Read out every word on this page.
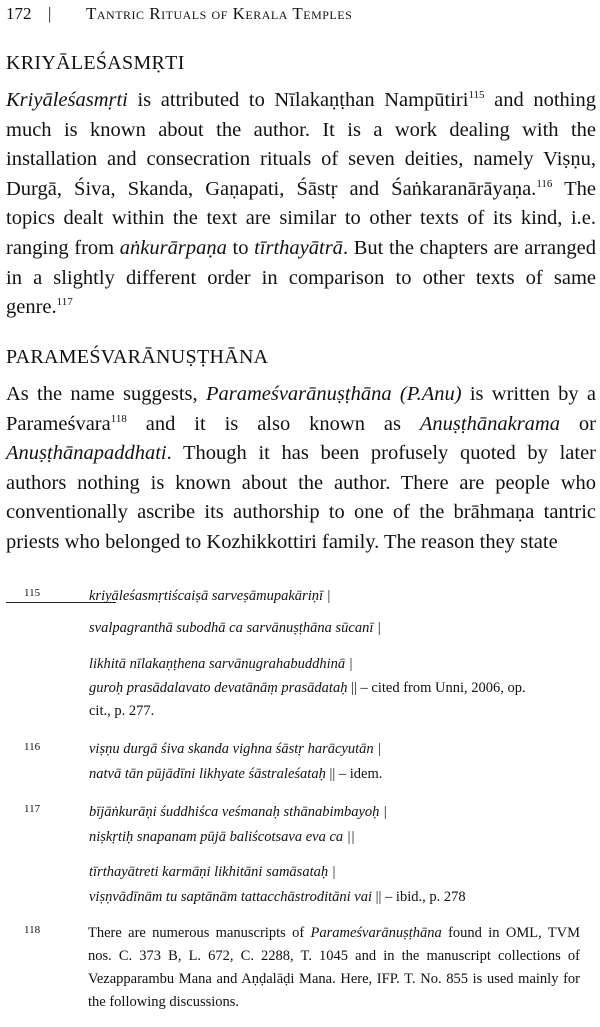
172 | Tantric Rituals of Kerala Temples
KRIYĀLEŚASMṚTI

Kriyāleśasmṛti is attributed to Nīlakaṇṭhan Nampūtiri$^{115}$ and nothing much is known about the author. It is a work dealing with the installation and consecration rituals of seven deities, namely Viṣṇu, Durgā, Śiva, Skanda, Gaṇapati, Śāstṛ and Śaṅkaranārāyaṇa.$^{116}$ The topics dealt within the text are similar to other texts of its kind, i.e. ranging from aṅkurārpaṇa to tīrthayātrā. But the chapters are arranged in a slightly different order in comparison to other texts of same genre.$^{117}$

PARAMEŚVARĀNUṢṬHĀNA

As the name suggests, Parameśvarānuṣṭhāna (P.Anu) is written by a Parameśvara$^{118}$ and it is also known as Anuṣṭhānakrama or Anuṣṭhānapaddhati. Though it has been profusely quoted by later authors nothing is known about the author. There are people who conventionally ascribe its authorship to one of the brāhmaṇa tantric priests who belonged to Kozhikkottiri family. The reason they state

115	kriyāleśasmṛtiścaiṣā sarveṣāmupakāriṇī |
svalpagranthā subodhā ca sarvānuṣṭhāna sūcanī |
likhitā nīlakaṇṭhena sarvānugrahabuddhinā |
guroḥ prasādalavato devatānāṃ prasādataḥ || – cited from Unni, 2006, op.
cit., p. 277.
116	viṣṇu durgā śiva skanda vighna śāstṛ harācyutān |
natvā tān pūjādīni likhyate śāstraleśataḥ || – idem.
117	bījāṅkurāṇi śuddhiśca veśmanaḥ sthānabimbayoḥ |
niṣkṛtiḥ snapanam pūjā baliścotsava eva ca ||
tīrthayātreti karmāṇi likhitāni samāsataḥ |
viṣṇvādīnām tu saptānām tattacchāstroditāni vai || – ibid., p. 278
118	There are numerous manuscripts of Parameśvarānuṣṭhāna found in OML, TVM nos. C. 373 B, L. 672, C. 2288, T. 1045 and in the manuscript collections of Vezapparambu Mana and Aṇḍalāḍi Mana. Here, IFP. T. No. 855 is used mainly for the following discussions.
